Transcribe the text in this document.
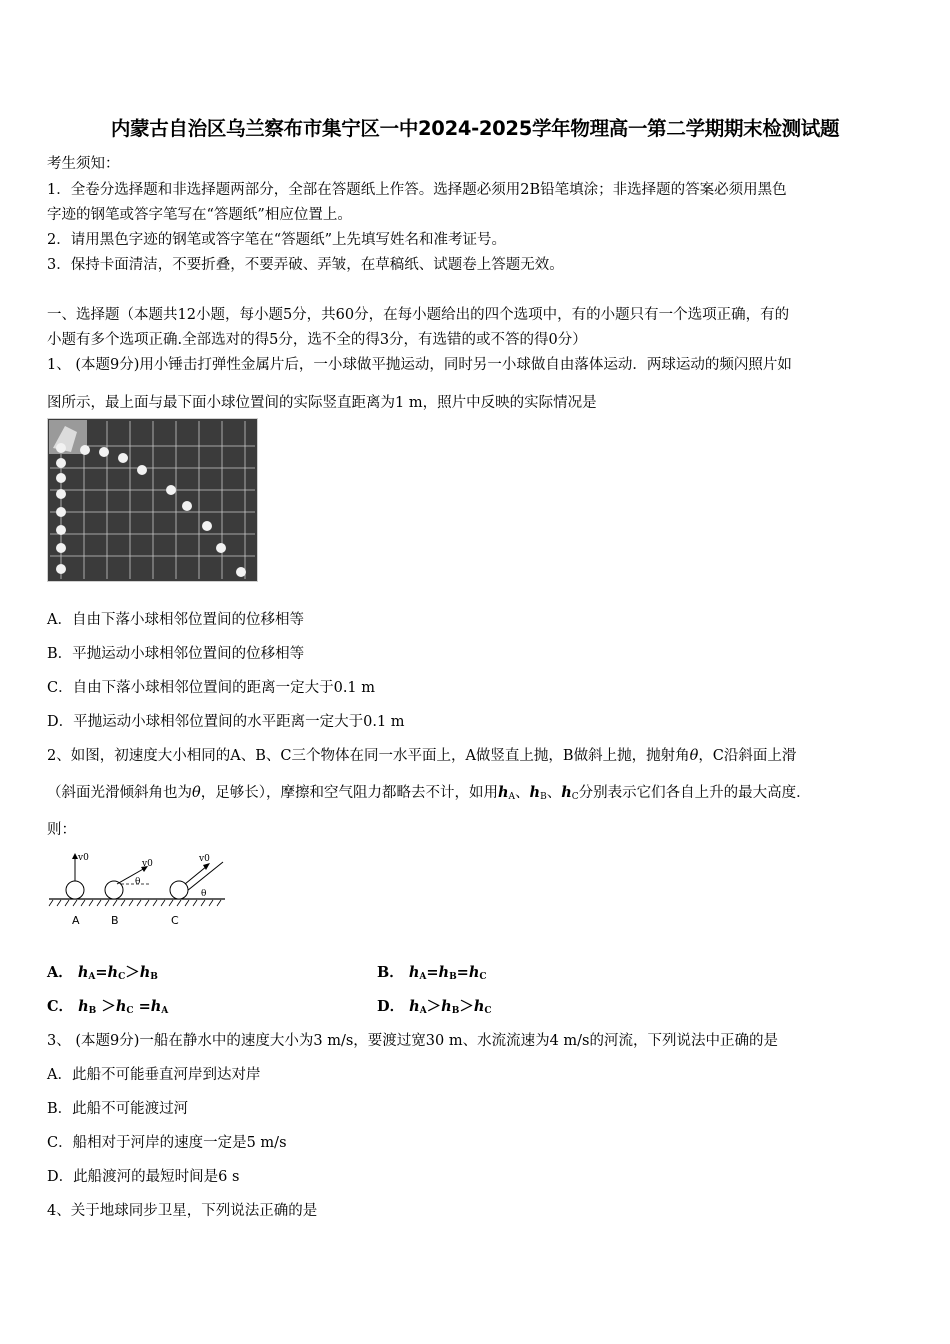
内蒙古自治区乌兰察布市集宁区一中2024-2025学年物理高一第二学期期末检测试题
考生须知：
1．全卷分选择题和非选择题两部分，全部在答题纸上作答。选择题必须用2B铅笔填涂；非选择题的答案必须用黑色
字迹的钢笔或答字笔写在“答题纸”相应位置上。
2．请用黑色字迹的钢笔或答字笔在“答题纸”上先填写姓名和准考证号。
3．保持卡面清洁，不要折叠，不要弄破、弄皱，在草稿纸、试题卷上答题无效。
一、选择题（本题共12小题，每小题5分，共60分，在每小题给出的四个选项中，有的小题只有一个选项正确，有的
小题有多个选项正确.全部选对的得5分，选不全的得3分，有选错的或不答的得0分）
1、 (本题9分)用小锤击打弹性金属片后，一小球做平抛运动，同时另一小球做自由落体运动．两球运动的频闪照片如
图所示，最上面与最下面小球位置间的实际竖直距离为1 m，照片中反映的实际情况是
A．自由下落小球相邻位置间的位移相等
B．平抛运动小球相邻位置间的位移相等
C．自由下落小球相邻位置间的距离一定大于0.1 m
D．平抛运动小球相邻位置间的水平距离一定大于0.1 m
2、如图，初速度大小相同的A、B、C三个物体在同一水平面上，A做竖直上抛，B做斜上抛，抛射角θ，C沿斜面上滑
（斜面光滑倾斜角也为θ，足够长），摩擦和空气阻力都略去不计，如用$h_A$、$h_B$、$h_C$分别表示它们各自上升的最大高度．
则：
v0
v0
θ
v0
θ
A	B	C
A． $h_A=h_C>h_B$	B． $h_A=h_B=h_C$
C． $h_B >h_C =h_A$	D． $h_A>h_B>h_C$
3、 (本题9分)一船在静水中的速度大小为3 m/s，要渡过宽30 m、水流流速为4 m/s的河流，下列说法中正确的是
A．此船不可能垂直河岸到达对岸
B．此船不可能渡过河
C．船相对于河岸的速度一定是5 m/s
D．此船渡河的最短时间是6 s
4、关于地球同步卫星，下列说法正确的是
